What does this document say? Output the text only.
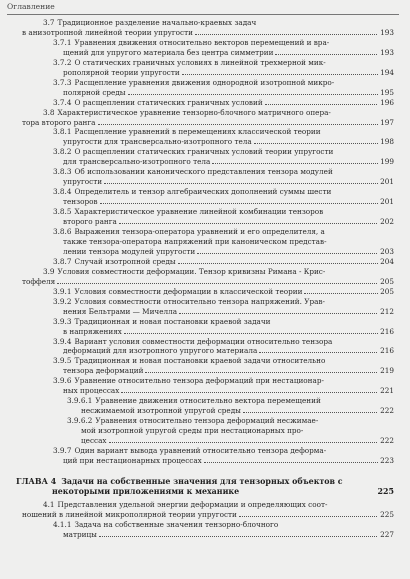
Оглавление
3.7 Традиционное разделение начально-краевых задач
в анизотропной линейной теории упругости	193
3.7.1 Уравнения движения относительно векторов перемещений и вра-
щений для упругого материала без центра симметрии	193
3.7.2 О статических граничных условиях в линейной трехмерной мик-
рополярной теории упругости	194
3.7.3 Расщепление уравнения движения однородной изотропной микро-
полярной среды	195
3.7.4 О расщеплении статических граничных условий	196
3.8 Характеристическое уравнение тензорно-блочного матричного опера-
тора второго ранга	197
3.8.1 Расщепление уравнений в перемещениях классической теории
упругости для трансверсально-изотропного тела	198
3.8.2 О расщеплении статических граничных условий теории упругости
для трансверсально-изотропного тела	199
3.8.3 Об использовании канонического представления тензора модулей
упругости	201
3.8.4 Определитель и тензор алгебраических дополнений суммы шести
тензоров	201
3.8.5 Характеристическое уравнение линейной комбинации тензоров
второго ранга	202
3.8.6 Выражения тензора-оператора уравнений и его определителя, а
также тензора-оператора напряжений при каноническом представ-
лении тензора модулей упругости	203
3.8.7 Случай изотропной среды	204
3.9 Условия совместности деформации. Тензор кривизны Римана - Крис-
тоффеля	205
3.9.1 Условия совместности деформации в классической теории	205
3.9.2 Условия совместности относительно тензора напряжений. Урав-
нения Бельтрами — Мичелла	212
3.9.3 Традиционная и новая постановки краевой задачи
в напряжениях	216
3.9.4 Вариант условия совместности деформации относительно тензора
деформаций для изотропного упругого материала	216
3.9.5 Традиционная и новая постановки краевой задачи относительно
тензора деформаций	219
3.9.6 Уравнение относительно тензора деформаций при нестационар-
ных процессах	221
3.9.6.1 Уравнение движения относительно вектора перемещений
несжимаемой изотропной упругой среды	222
3.9.6.2 Уравнения относительно тензора деформаций несжимае-
мой изотропной упругой среды при нестационарных про-
цессах	222
3.9.7 Один вариант вывода уравнений относительно тензора деформа-
ций при нестационарных процессах	223
ГЛАВА 4 Задачи на собственные значения для тензорных объектов с
некоторыми приложениями к механике	225
4.1 Представления удельной энергии деформации и определяющих соот-
ношений в линейной микрополярной теории упругости	225
4.1.1 Задача на собственные значения тензорно-блочного
матрицы	227
